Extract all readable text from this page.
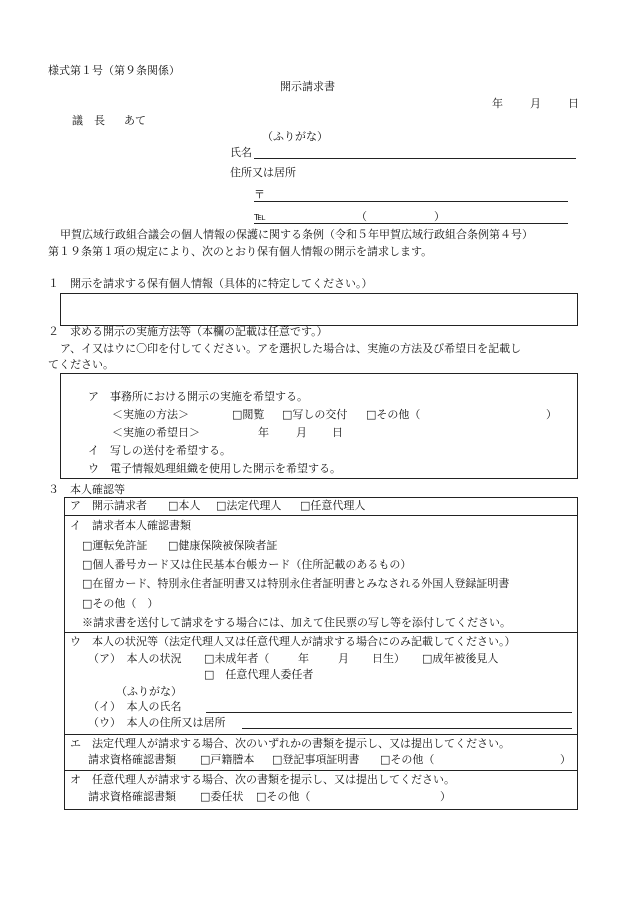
様式第１号（第９条関係）
開示請求書
年 月 日
議　長 あて
（ふりがな）
氏名
住所又は居所
〒
℡	（	）
甲賀広域行政組合議会の個人情報の保護に関する条例（令和５年甲賀広域行政組合条例第４号）
第１９条第１項の規定により、次のとおり保有個人情報の開示を請求します。
１　開示を請求する保有個人情報（具体的に特定してください。）
２　求める開示の実施方法等（本欄の記載は任意です。）
ア、イ又はウに〇印を付してください。アを選択した場合は、実施の方法及び希望日を記載し
てください。
ア　事務所における開示の実施を希望する。
＜実施の方法＞	□閲覧 □写しの交付 □その他（	）
＜実施の希望日＞	年 月 日
イ　写しの送付を希望する。
ウ　電子情報処理組織を使用した開示を希望する。
３　本人確認等
ア　開示請求者 □本人 □法定代理人 □任意代理人
イ　請求者本人確認書類
□運転免許証 □健康保険被保険者証
□個人番号カード又は住民基本台帳カード（住所記載のあるもの）
□在留カード、特別永住者証明書又は特別永住者証明書とみなされる外国人登録証明書
□その他（　）
※請求書を送付して請求をする場合には、加えて住民票の写し等を添付してください。
ウ　本人の状況等（法定代理人又は任意代理人が請求する場合にのみ記載してください。）
（ア）　本人の状況 □未成年者（	年	月 日生） □成年被後見人
□　任意代理人委任者
（ふりがな）
（イ）　本人の氏名
（ウ）　本人の住所又は居所
エ　法定代理人が請求する場合、次のいずれかの書類を提示し、又は提出してください。
請求資格確認書類 □戸籍謄本 □登記事項証明書 □その他（	）
オ　任意代理人が請求する場合、次の書類を提示し、又は提出してください。
請求資格確認書類 □委任状 □その他（	）
